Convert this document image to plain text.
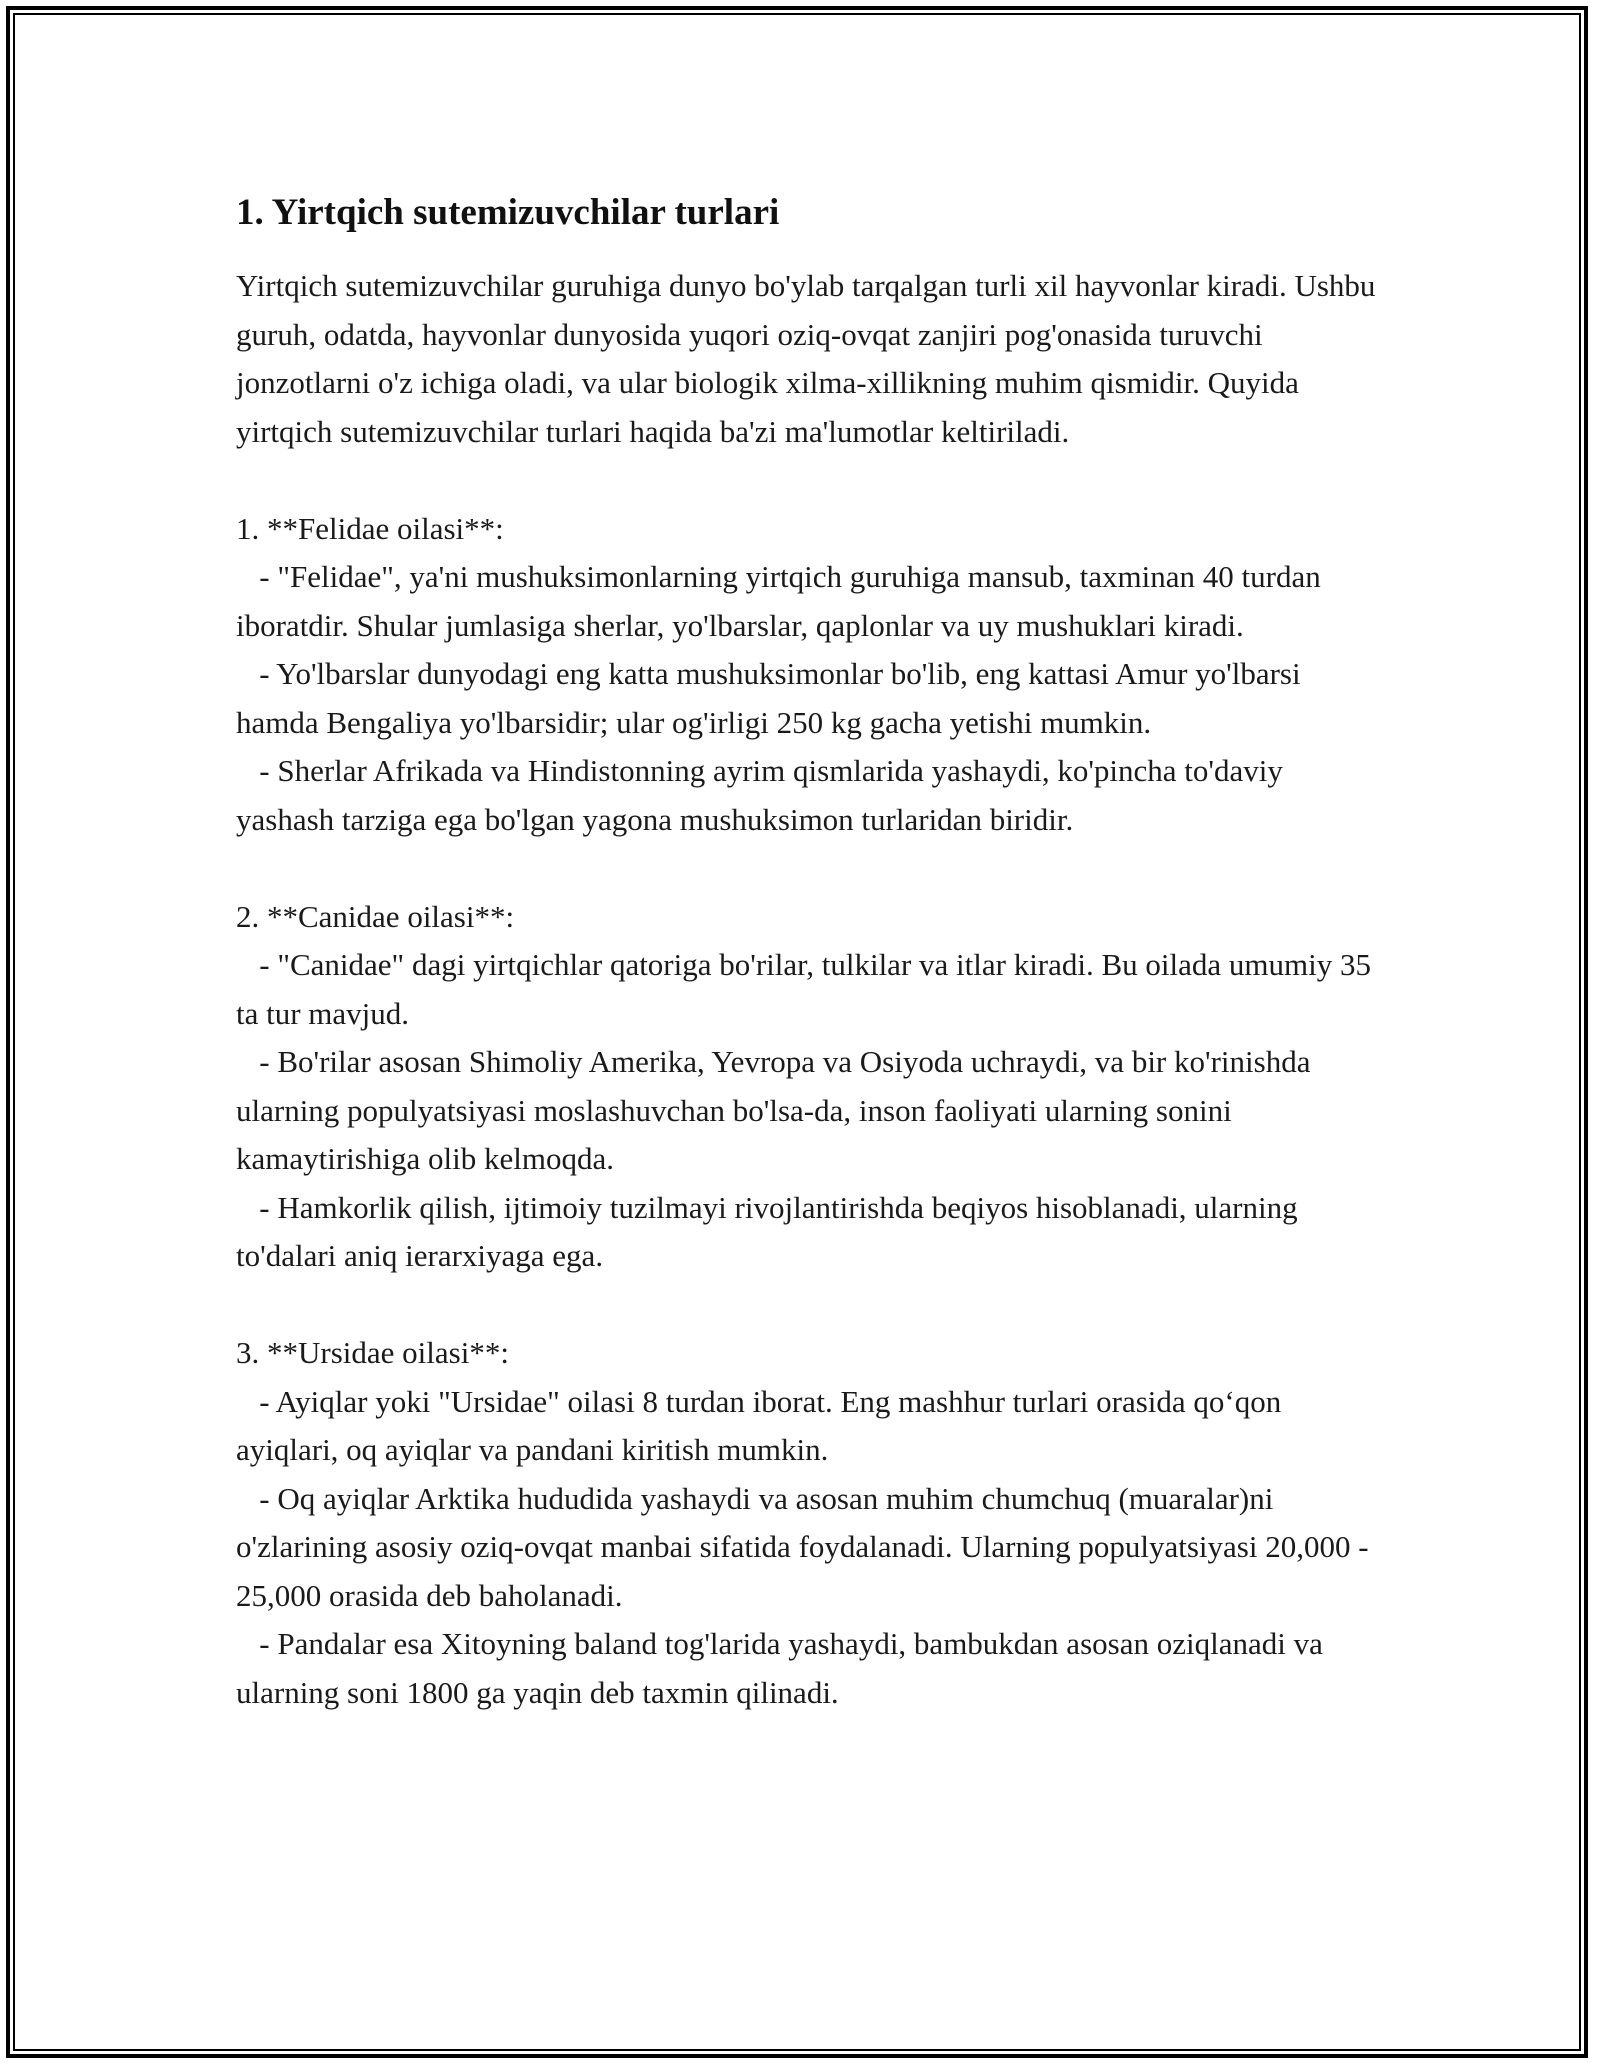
1. Yirtqich sutemizuvchilar turlari

Yirtqich sutemizuvchilar guruhiga dunyo bo'ylab tarqalgan turli xil hayvonlar kiradi. Ushbu guruh, odatda, hayvonlar dunyosida yuqori oziq-ovqat zanjiri pog'onasida turuvchi jonzotlarni o'z ichiga oladi, va ular biologik xilma-xillikning muhim qismidir. Quyida yirtqich sutemizuvchilar turlari haqida ba'zi ma'lumotlar keltiriladi.

1. **Felidae oilasi**:

- "Felidae", ya'ni mushuksimonlarning yirtqich guruhiga mansub, taxminan 40 turdan iboratdir. Shular jumlasiga sherlar, yo'lbarslar, qaplonlar va uy mushuklari kiradi.

- Yo'lbarslar dunyodagi eng katta mushuksimonlar bo'lib, eng kattasi Amur yo'lbarsi hamda Bengaliya yo'lbarsidir; ular og'irligi 250 kg gacha yetishi mumkin.

- Sherlar Afrikada va Hindistonning ayrim qismlarida yashaydi, ko'pincha to'daviy yashash tarziga ega bo'lgan yagona mushuksimon turlaridan biridir.

2. **Canidae oilasi**:

- "Canidae" dagi yirtqichlar qatoriga bo'rilar, tulkilar va itlar kiradi. Bu oilada umumiy 35 ta tur mavjud.

- Bo'rilar asosan Shimoliy Amerika, Yevropa va Osiyoda uchraydi, va bir ko'rinishda ularning populyatsiyasi moslashuvchan bo'lsa-da, inson faoliyati ularning sonini kamaytirishiga olib kelmoqda.

- Hamkorlik qilish, ijtimoiy tuzilmayi rivojlantirishda beqiyos hisoblanadi, ularning to'dalari aniq ierarxiyaga ega.

3. **Ursidae oilasi**:

- Ayiqlar yoki "Ursidae" oilasi 8 turdan iborat. Eng mashhur turlari orasida qo‘qon ayiqlari, oq ayiqlar va pandani kiritish mumkin.

- Oq ayiqlar Arktika hududida yashaydi va asosan muhim chumchuq (muaralar)ni o'zlarining asosiy oziq-ovqat manbai sifatida foydalanadi. Ularning populyatsiyasi 20,000 - 25,000 orasida deb baholanadi.

- Pandalar esa Xitoyning baland tog'larida yashaydi, bambukdan asosan oziqlanadi va ularning soni 1800 ga yaqin deb taxmin qilinadi.
